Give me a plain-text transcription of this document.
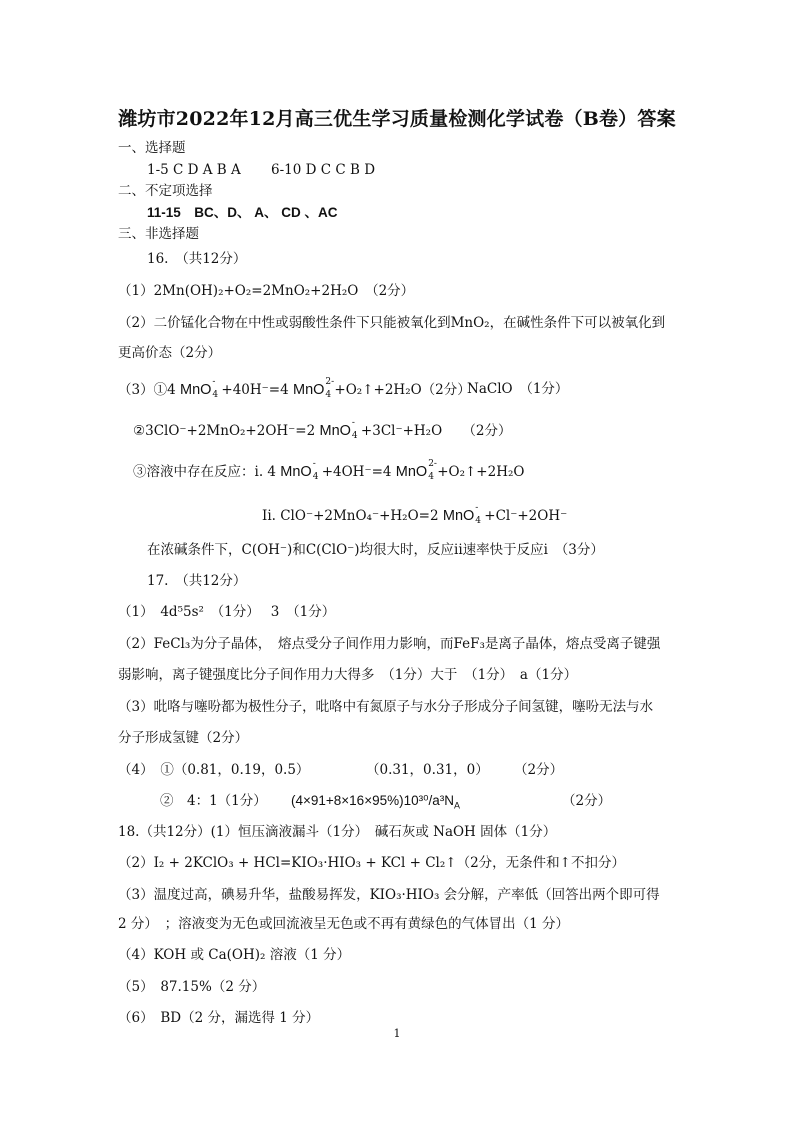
潍坊市2022年12月高三优生学习质量检测化学试卷（B卷）答案
一、选择题
1-5 C D A B A 6-10 D C C B D
二、不定项选择
11-15　BC、D、 A、 CD 、AC
三、非选择题
16.　（共12分）
（1）2Mn(OH)₂+O₂=2MnO₂+2H₂O　（2分）
（2）二价锰化合物在中性或弱酸性条件下只能被氧化到MnO₂，在碱性条件下可以被氧化到
更高价态（2分）
（3）①4 MnO -
4 +40H⁻=4 MnO 2-
4 +O₂↑+2H₂O（2分）
NaClO　（1分）
②3ClO⁻+2MnO₂+2OH⁻=2 MnO -
4 +3Cl⁻+H₂O　　（2分）
③溶液中存在反应：i. 4 MnO -
4 +4OH⁻=4 MnO 2-
4 +O₂↑+2H₂O
Ii. ClO⁻+2MnO₄⁻+H₂O=2 MnO -
4 +Cl⁻+2OH⁻
在浓碱条件下，C(OH⁻)和C(ClO⁻)均很大时，反应ii速率快于反应i　（3分）
17.　（共12分）
（1）　4d⁵5s²　（1分）　 3　（1分）
（2）FeCl₃为分子晶体，　熔点受分子间作用力影响，而FeF₃是离子晶体，熔点受离子键强
弱影响，离子键强度比分子间作用力大得多　（1分）大于　（1分）　a（1分）
（3）吡咯与噻吩都为极性分子，吡咯中有氮原子与水分子形成分子间氢键，噻吩无法与水
分子形成氢键（2分）
（4）　①（0.81，0.19，0.5）	（0.31，0.31，0） （2分）
②　4：1（1分） $(4\times 91+8\times 16\times 95\%)10^{30}/a^3N_A$	（2分）
18.（共12分）(1）恒压滴液漏斗（1分）　碱石灰或 NaOH 固体（1分）
（2）I₂ + 2KClO₃ + HCl=KIO₃·HIO₃ + KCl + Cl₂↑（2分，无条件和↑不扣分）
（3）温度过高，碘易升华，盐酸易挥发，KIO₃·HIO₃ 会分解，产率低（回答出两个即可得
2 分）　；溶液变为无色或回流液呈无色或不再有黄绿色的气体冒出（1 分）
（4）KOH 或 Ca(OH)₂ 溶液（1 分）
（5）　87.15%（2 分）
（6）　BD（2 分，漏选得 1 分）
1
